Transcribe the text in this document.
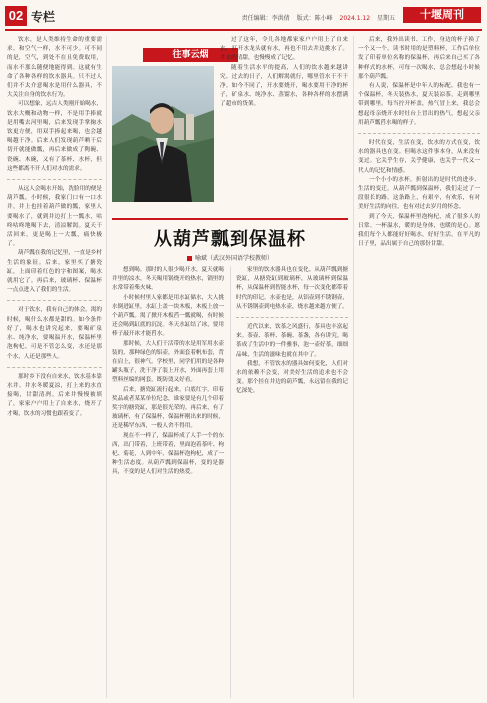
02 专栏	责任编辑：李洪倩 版式：陈小峰 2024.1.12 星期五	十堰周刊

饮水，是人类维持生命的重要需求。和空气一样，水不可少。可不同的是，空气，到处不在且免费取用，而水不那么随便地能得到。这就有生命了各种各样的饮水器具。只不过人们并不太介意喝水是用什么器具，不大关注自身的饮水行为。

可以想象，远古人类刚开始喝水，饮水大概和动物一样，不是用手捧就是用嘴去河里喝，后来发现手掌掬水饮更方便，用双手捧起来喝，也会越喝越干净。后来人们发现葫芦晒干后切开就能做瓢，再后来做成了陶碗、瓷碗、木碗，又有了茶杯、水杯，但这些都离不开人们对水的需求。

从远人会喝水开始，洗脸用的便是葫芦瓢。小时候，我家门口有一口水井，井上也挂着葫芦做的瓢，家里人要喝水了，就到井边打上一瓢水，咕咚咕咚地喝下去，清凉解渴。夏天干活回来，更是喝上一大瓢，痛快极了。

葫芦瓢在我的记忆里，一直是乡村生活的象征。后来，家里买了搪瓷缸，上面印着红色的字和图案，喝水就用它了。再后来，玻璃杯、保温杯一点点进入了我们的生活。

对于饮水，我有自己的体会。渴的时候，喝什么水都是甜的。如今条件好了，喝水也讲究起来，要喝矿泉水、纯净水，要喝温开水，保温杯里泡枸杞。可是不管怎么变，水还是那个水，人还是那些人。

那时乡下没有自来水，饮水基本靠水井。井水冬暖夏凉，打上来的水直接喝，甘甜清冽。后来井慢慢被填了，家家户户用上了自来水，烧开了才喝，饮水的习惯也跟着变了。

往事云烟
从葫芦瓢到保温杯
喻斌（武汉外国语学校教师）

想到喝。那时的人很少喝开水，夏天就喝井里的凉水，冬天喝用锅烧开的热水，锅里的水常带着柴火味。

小时候村里人家都是用水缸储水，大人挑水倒进缸里，水缸上盖一块木板，木板上放一个葫芦瓢。渴了掀开木板舀一瓢就喝，有时候还会喝到缸底的沉淀。冬天水缸结了冰，要用棒子敲开冰才能舀水。

那时候，大人们干活带的水是用军用水壶装的，那种绿色的铝壶，外面套着帆布套，背在肩上，很神气。学校里，同学们用的是各种罐头瓶子，洗干净了装上开水，外面再套上用塑料丝编的网套，既防烫又好看。

后来，搪瓷缸流行起来，白底红字，印着奖品或者某某单位纪念，谁家要是有几个印着奖字的搪瓷缸，那是很光荣的。再后来，有了玻璃杯，有了保温杯，保温杯刚出来的时候，还是稀罕东西，一般人舍不得用。

现在不一样了，保温杯成了人手一个的东西，出门带着，上班带着，里面泡着茶叶、枸杞、菊花，人到中年，保温杯泡枸杞，成了一种生活态度。从葫芦瓢到保温杯，变的是器具，不变的是人们对生活的热爱。

过了这年，令儿各地都家家户户用上了自来水，打开水龙头就有水，再也不用去井边挑水了。井水的清甜，也慢慢成了记忆。

随着生活水平的提高，人们的饮水越来越讲究。过去的日子，人们解渴就行，哪里管水干不干净。如今不同了，开水要烧开，喝水要用干净的杯子，矿泉水、纯净水、蒸馏水，各种各样的水摆满了超市的货架。

家里的饮水器具也在变化。从葫芦瓢到搪瓷缸，从搪瓷缸到玻璃杯，从玻璃杯到保温杯，从保温杯到智能水杯，每一次变化都带着时代的印记。水壶也是，从铝壶到不锈钢壶，从不锈钢壶到电热水壶，烧水越来越方便了。

近代以来，饮茶之风盛行，茶具也丰富起来。茶壶、茶杯、茶碗、茶盏，各有讲究。喝茶成了生活中的一件雅事，泡一壶好茶，细细品味，生活的滋味也就在其中了。

我想，不管饮水的器具如何变化，人们对水的依赖不会变，对美好生活的追求也不会变。那个挂在井边的葫芦瓢，永远留在我的记忆深处。

后来，我外出读书、工作，身边的杯子换了一个又一个。读书时用的是塑料杯，工作后单位发了印着单位名称的保温杯，再后来自己买了各种样式的水杯，可每一次喝水，总会想起小时候那个葫芦瓢。

有人说，保温杯是中年人的标配。我也有一个保温杯，冬天装热水，夏天装凉茶，走到哪里带到哪里。每当拧开杯盖，热气冒上来，我总会想起母亲烧开水时灶台上冒出的热气，想起父亲用葫芦瓢舀水喝的样子。

时代在变，生活在变，饮水的方式在变，饮水的器具也在变。但喝水这件事本身，从来没有变过。它关乎生存，关乎健康，也关乎一代又一代人的记忆和情感。

一个小小的水杯，折射出的是时代的进步、生活的变迁。从葫芦瓢到保温杯，我们走过了一段很长的路。这条路上，有艰辛，有欢乐，有对美好生活的向往，也有对过去岁月的怀念。

到了今天，保温杯里泡枸杞，成了很多人的日常。一杯温水，暖的是身体，也暖的是心。愿我们每个人都能好好喝水，好好生活，在平凡的日子里，品出属于自己的那份甘甜。
